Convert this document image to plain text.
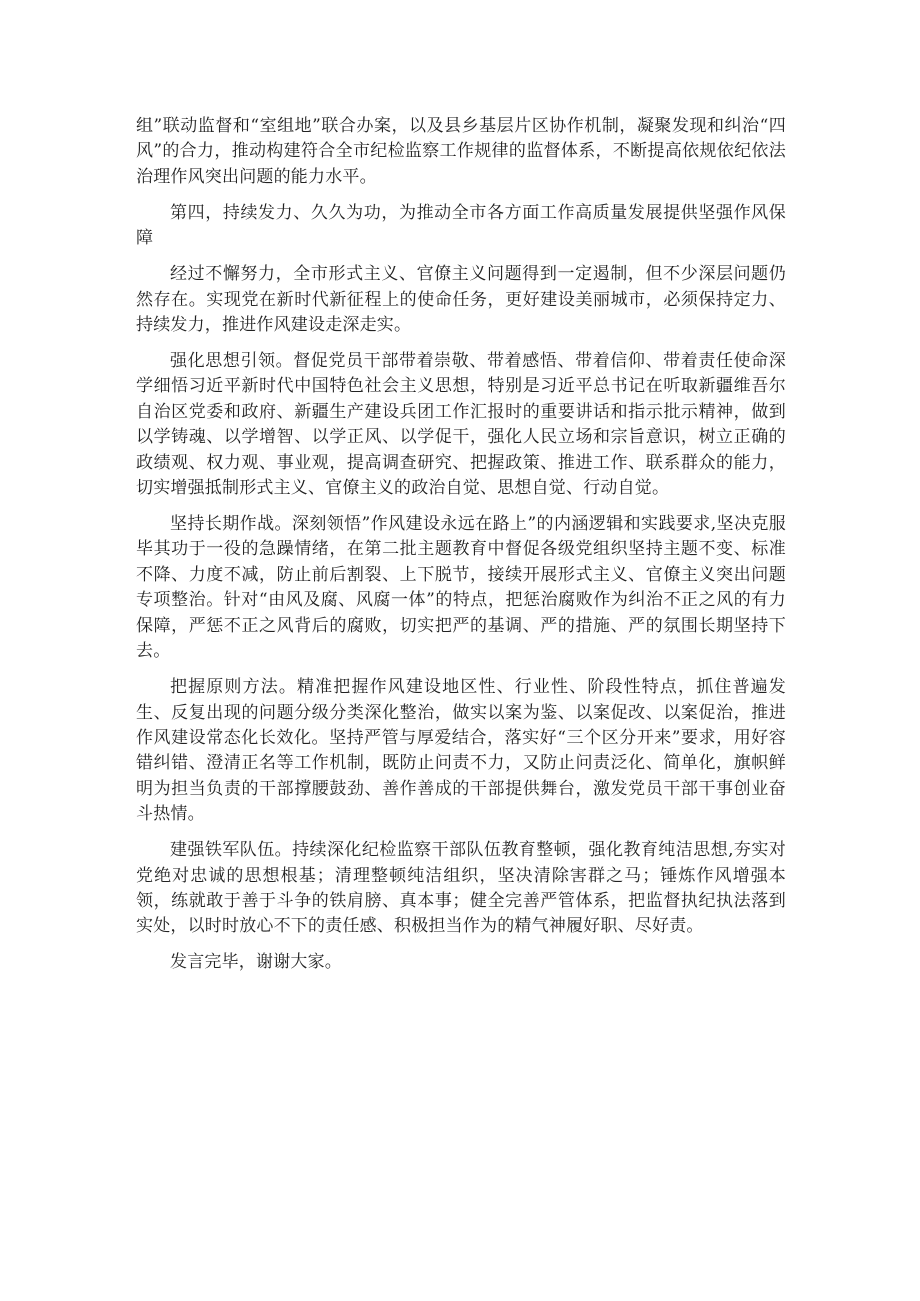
组”联动监督和“室组地”联合办案，以及县乡基层片区协作机制，凝聚发现和纠治“四风”的合力，推动构建符合全市纪检监察工作规律的监督体系，不断提高依规依纪依法治理作风突出问题的能力水平。

第四，持续发力、久久为功，为推动全市各方面工作高质量发展提供坚强作风保障

经过不懈努力，全市形式主义、官僚主义问题得到一定遏制，但不少深层问题仍然存在。实现党在新时代新征程上的使命任务，更好建设美丽城市，必须保持定力、持续发力，推进作风建设走深走实。

强化思想引领。督促党员干部带着崇敬、带着感悟、带着信仰、带着责任使命深学细悟习近平新时代中国特色社会主义思想，特别是习近平总书记在听取新疆维吾尔自治区党委和政府、新疆生产建设兵团工作汇报时的重要讲话和指示批示精神，做到以学铸魂、以学增智、以学正风、以学促干，强化人民立场和宗旨意识，树立正确的政绩观、权力观、事业观，提高调查研究、把握政策、推进工作、联系群众的能力，切实增强抵制形式主义、官僚主义的政治自觉、思想自觉、行动自觉。

坚持长期作战。深刻领悟”作风建设永远在路上”的内涵逻辑和实践要求,坚决克服毕其功于一役的急躁情绪，在第二批主题教育中督促各级党组织坚持主题不变、标准不降、力度不减，防止前后割裂、上下脱节，接续开展形式主义、官僚主义突出问题专项整治。针对“由风及腐、风腐一体”的特点，把惩治腐败作为纠治不正之风的有力保障，严惩不正之风背后的腐败，切实把严的基调、严的措施、严的氛围长期坚持下去。

把握原则方法。精准把握作风建设地区性、行业性、阶段性特点，抓住普遍发生、反复出现的问题分级分类深化整治，做实以案为鉴、以案促改、以案促治，推进作风建设常态化长效化。坚持严管与厚爱结合，落实好“三个区分开来”要求，用好容错纠错、澄清正名等工作机制，既防止问责不力，又防止问责泛化、简单化，旗帜鲜明为担当负责的干部撑腰鼓劲、善作善成的干部提供舞台，激发党员干部干事创业奋斗热情。

建强铁军队伍。持续深化纪检监察干部队伍教育整顿，强化教育纯洁思想,夯实对党绝对忠诚的思想根基；清理整顿纯洁组织，坚决清除害群之马；锤炼作风增强本领，练就敢于善于斗争的铁肩膀、真本事；健全完善严管体系，把监督执纪执法落到实处，以时时放心不下的责任感、积极担当作为的精气神履好职、尽好责。

发言完毕，谢谢大家。
